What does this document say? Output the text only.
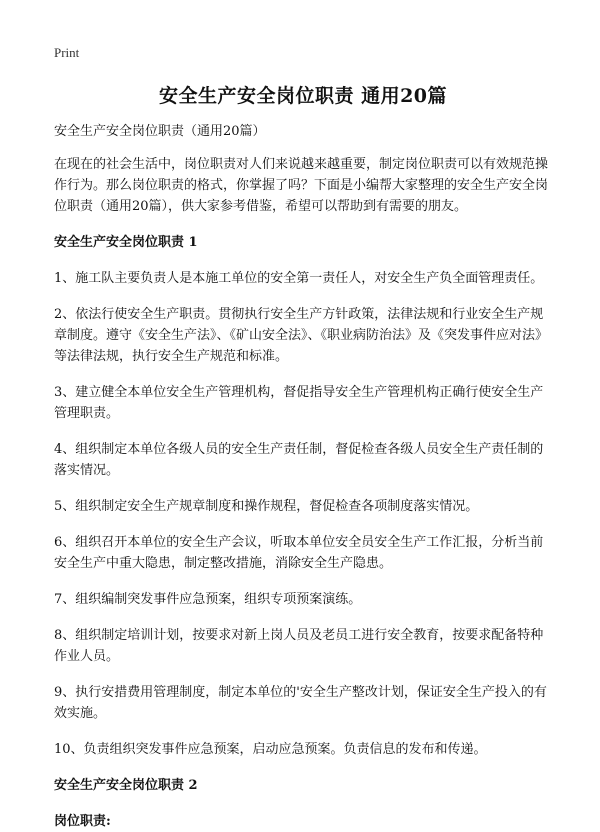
Print
安全生产安全岗位职责 通用20篇

安全生产安全岗位职责（通用20篇）

在现在的社会生活中，岗位职责对人们来说越来越重要，制定岗位职责可以有效规范操作行为。那么岗位职责的格式，你掌握了吗？下面是小编帮大家整理的安全生产安全岗位职责（通用20篇），供大家参考借鉴，希望可以帮助到有需要的朋友。

安全生产安全岗位职责 1
1、施工队主要负责人是本施工单位的安全第一责任人，对安全生产负全面管理责任。
2、依法行使安全生产职责。贯彻执行安全生产方针政策，法律法规和行业安全生产规章制度。遵守《安全生产法》、《矿山安全法》、《职业病防治法》及《突发事件应对法》等法律法规，执行安全生产规范和标准。
3、建立健全本单位安全生产管理机构，督促指导安全生产管理机构正确行使安全生产管理职责。
4、组织制定本单位各级人员的安全生产责任制，督促检查各级人员安全生产责任制的落实情况。
5、组织制定安全生产规章制度和操作规程，督促检查各项制度落实情况。
6、组织召开本单位的安全生产会议，听取本单位安全员安全生产工作汇报，分析当前安全生产中重大隐患，制定整改措施，消除安全生产隐患。
7、组织编制突发事件应急预案，组织专项预案演练。
8、组织制定培训计划，按要求对新上岗人员及老员工进行安全教育，按要求配备特种作业人员。
9、执行安措费用管理制度，制定本单位的'安全生产整改计划，保证安全生产投入的有效实施。
10、负责组织突发事件应急预案，启动应急预案。负责信息的发布和传递。
安全生产安全岗位职责 2

岗位职责:
